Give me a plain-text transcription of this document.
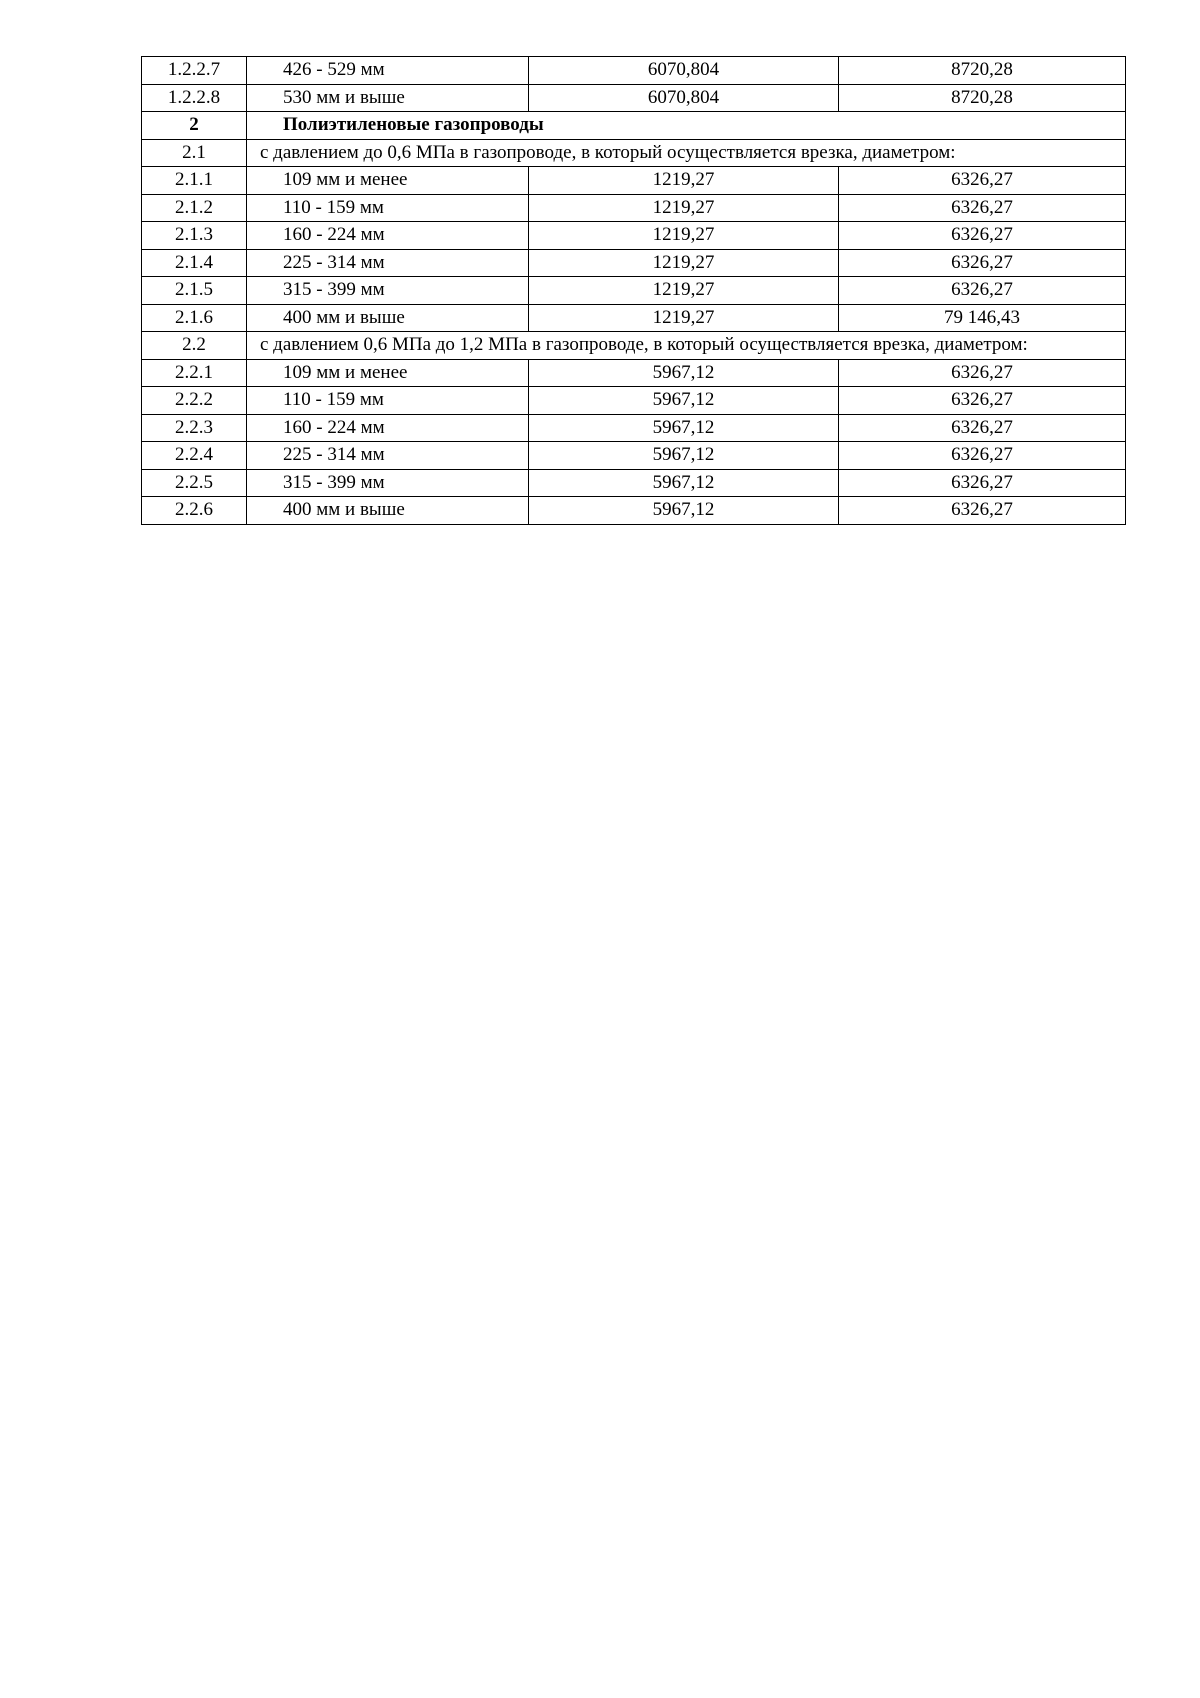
1.2.2.7	426 - 529 мм	6070,804	8720,28
1.2.2.8	530 мм и выше	6070,804	8720,28
2	Полиэтиленовые газопроводы		
2.1	с давлением до 0,6 МПа в газопроводе, в который осуществляется врезка, диаметром:		
2.1.1	109 мм и менее	1219,27	6326,27
2.1.2	110 - 159 мм	1219,27	6326,27
2.1.3	160 - 224 мм	1219,27	6326,27
2.1.4	225 - 314 мм	1219,27	6326,27
2.1.5	315 - 399 мм	1219,27	6326,27
2.1.6	400 мм и выше	1219,27	79 146,43
2.2	с давлением 0,6 МПа до 1,2 МПа в газопроводе, в который осуществляется врезка, диаметром:		
2.2.1	109 мм и менее	5967,12	6326,27
2.2.2	110 - 159 мм	5967,12	6326,27
2.2.3	160 - 224 мм	5967,12	6326,27
2.2.4	225 - 314 мм	5967,12	6326,27
2.2.5	315 - 399 мм	5967,12	6326,27
2.2.6	400 мм и выше	5967,12	6326,27
